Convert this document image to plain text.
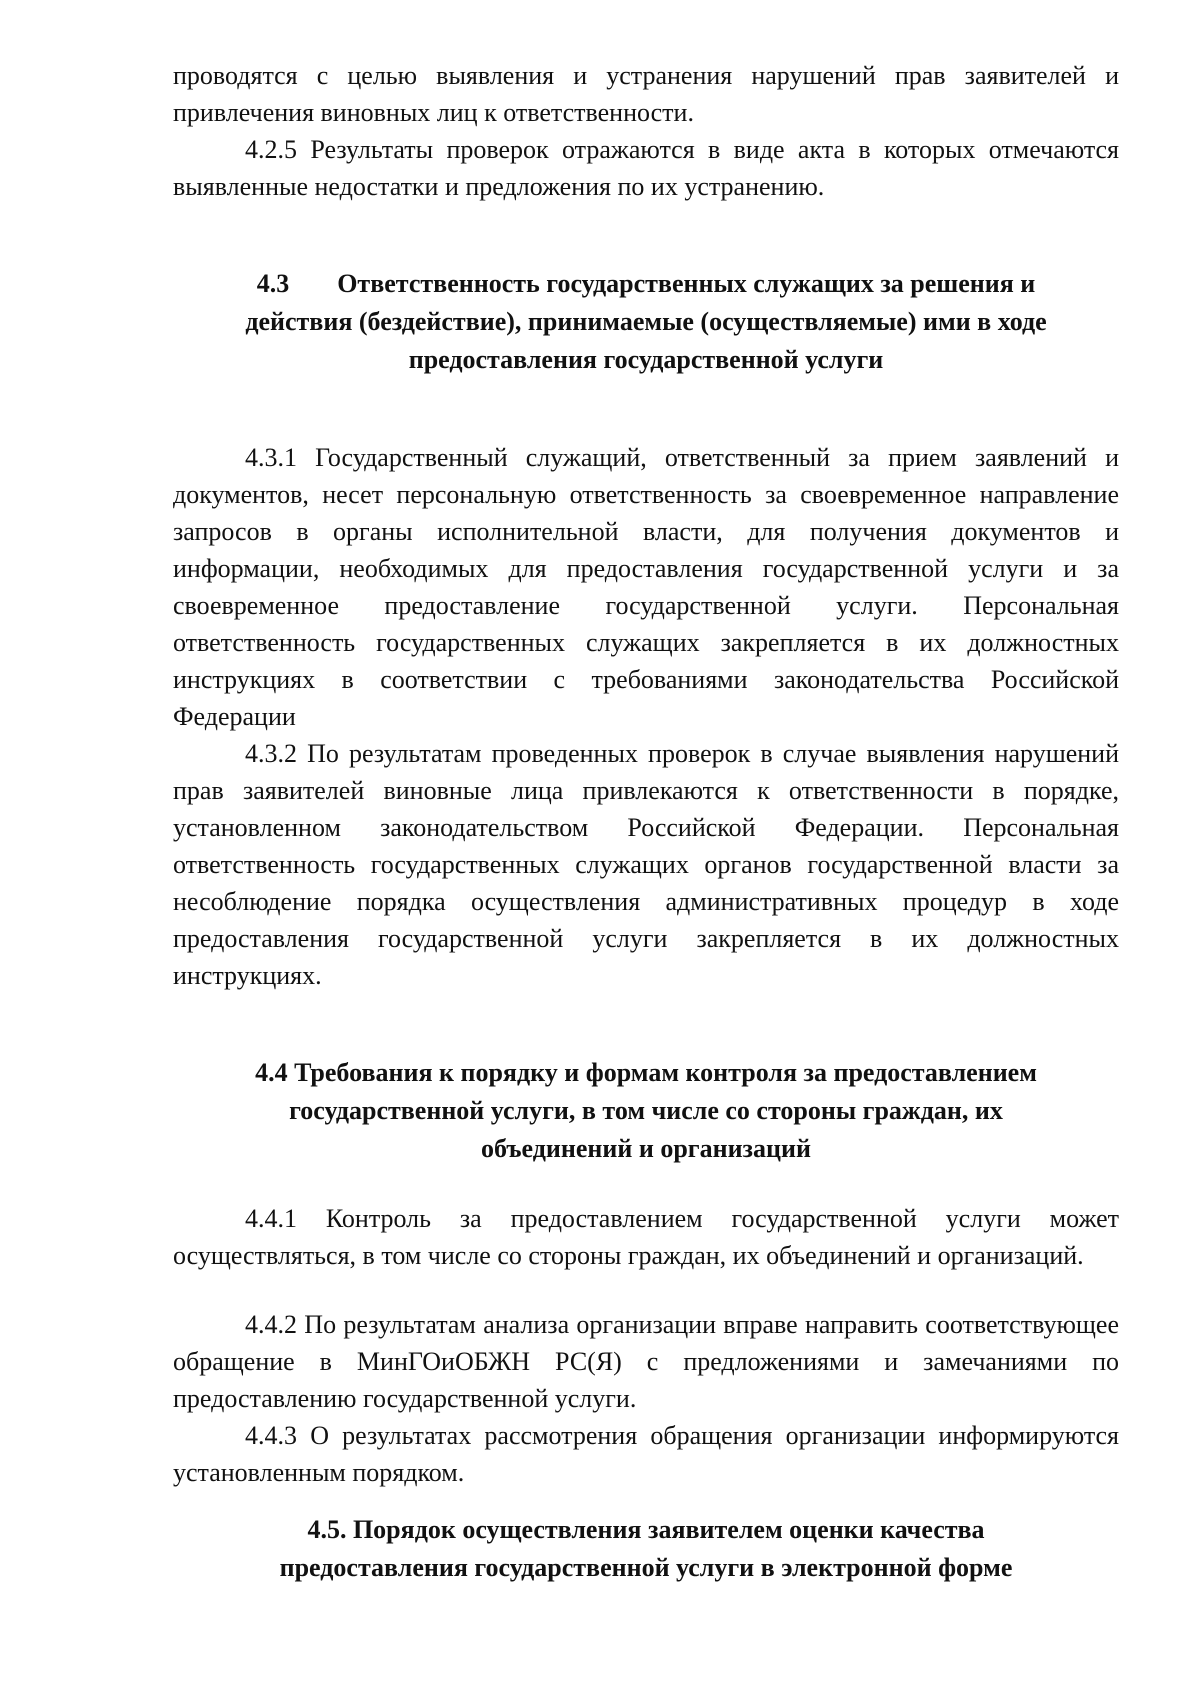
проводятся с целью выявления и устранения нарушений прав заявителей и привлечения виновных лиц к ответственности.

4.2.5 Результаты проверок отражаются в виде акта в которых отмечаются выявленные недостатки и предложения по их устранению.

4.3 Ответственность государственных служащих за решения и
действия (бездействие), принимаемые (осуществляемые) ими в ходе
предоставления государственной услуги

4.3.1 Государственный служащий, ответственный за прием заявлений и документов, несет персональную ответственность за своевременное направление запросов в органы исполнительной власти, для получения документов и информации, необходимых для предоставления государственной услуги и за своевременное предоставление государственной услуги. Персональная ответственность государственных служащих закрепляется в их должностных инструкциях в соответствии с требованиями законодательства Российской Федерации

4.3.2 По результатам проведенных проверок в случае выявления нарушений прав заявителей виновные лица привлекаются к ответственности в порядке, установленном законодательством Российской Федерации. Персональная ответственность государственных служащих органов государственной власти за несоблюдение порядка осуществления административных процедур в ходе предоставления государственной услуги закрепляется в их должностных инструкциях.

4.4 Требования к порядку и формам контроля за предоставлением
государственной услуги, в том числе со стороны граждан, их
объединений и организаций

4.4.1 Контроль за предоставлением государственной услуги может осуществляться, в том числе со стороны граждан, их объединений и организаций.

4.4.2 По результатам анализа организации вправе направить соответствующее обращение в МинГОиОБЖН РС(Я) с предложениями и замечаниями по предоставлению государственной услуги.

4.4.3 О результатах рассмотрения обращения организации информируются установленным порядком.

4.5. Порядок осуществления заявителем оценки качества
предоставления государственной услуги в электронной форме
